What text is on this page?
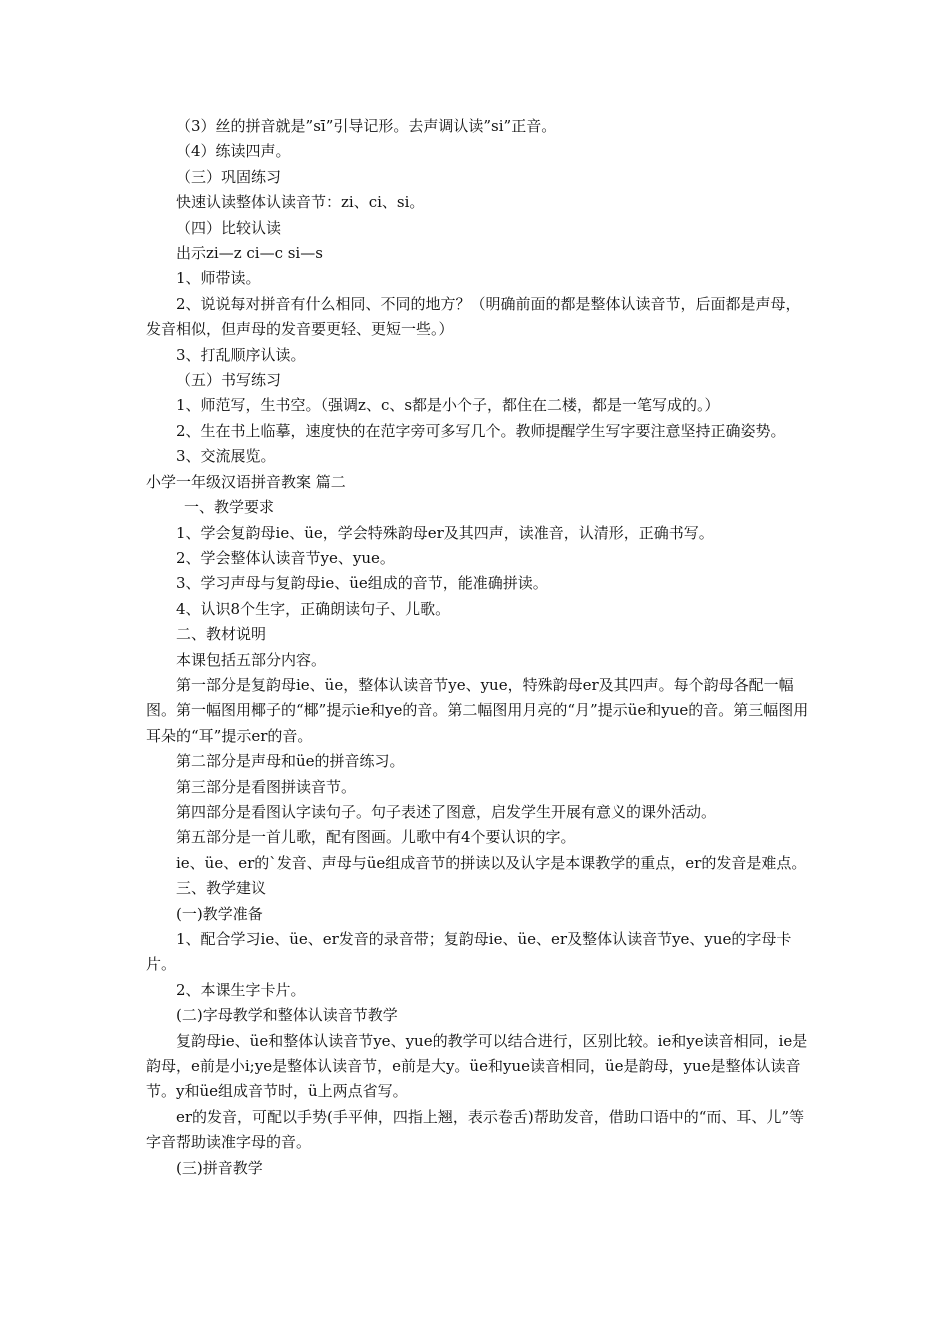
（3）丝的拼音就是”sī”引导记形。去声调认读”si”正音。

（4）练读四声。

（三）巩固练习

快速认读整体认读音节：zi、ci、si。

（四）比较认读

出示zi—z ci—c si—s

1、师带读。

2、说说每对拼音有什么相同、不同的地方？（明确前面的都是整体认读音节，后面都是声母，发音相似，但声母的发音要更轻、更短一些。）

3、打乱顺序认读。

（五）书写练习

1、师范写，生书空。（强调z、c、s都是小个子，都住在二楼，都是一笔写成的。）

2、生在书上临摹，速度快的在范字旁可多写几个。教师提醒学生写字要注意坚持正确姿势。

3、交流展览。

小学一年级汉语拼音教案 篇二

一、教学要求

1、学会复韵母ie、üe，学会特殊韵母er及其四声，读准音，认清形，正确书写。

2、学会整体认读音节ye、yue。

3、学习声母与复韵母ie、üe组成的音节，能准确拼读。

4、认识8个生字，正确朗读句子、儿歌。

二、教材说明

本课包括五部分内容。

第一部分是复韵母ie、üe，整体认读音节ye、yue，特殊韵母er及其四声。每个韵母各配一幅图。第一幅图用椰子的“椰”提示ie和ye的音。第二幅图用月亮的“月”提示üe和yue的音。第三幅图用耳朵的“耳”提示er的音。

第二部分是声母和üe的拼音练习。

第三部分是看图拼读音节。

第四部分是看图认字读句子。句子表述了图意，启发学生开展有意义的课外活动。

第五部分是一首儿歌，配有图画。儿歌中有4个要认识的字。

ie、üe、er的`发音、声母与üe组成音节的拼读以及认字是本课教学的重点，er的发音是难点。

三、教学建议

(一)教学准备

1、配合学习ie、üe、er发音的录音带；复韵母ie、üe、er及整体认读音节ye、yue的字母卡片。

2、本课生字卡片。

(二)字母教学和整体认读音节教学

复韵母ie、üe和整体认读音节ye、yue的教学可以结合进行，区别比较。ie和ye读音相同，ie是韵母，e前是小i;ye是整体认读音节，e前是大y。üe和yue读音相同，üe是韵母，yue是整体认读音节。y和üe组成音节时，ü上两点省写。

er的发音，可配以手势(手平伸，四指上翘，表示卷舌)帮助发音，借助口语中的“而、耳、儿”等字音帮助读准字母的音。

(三)拼音教学
